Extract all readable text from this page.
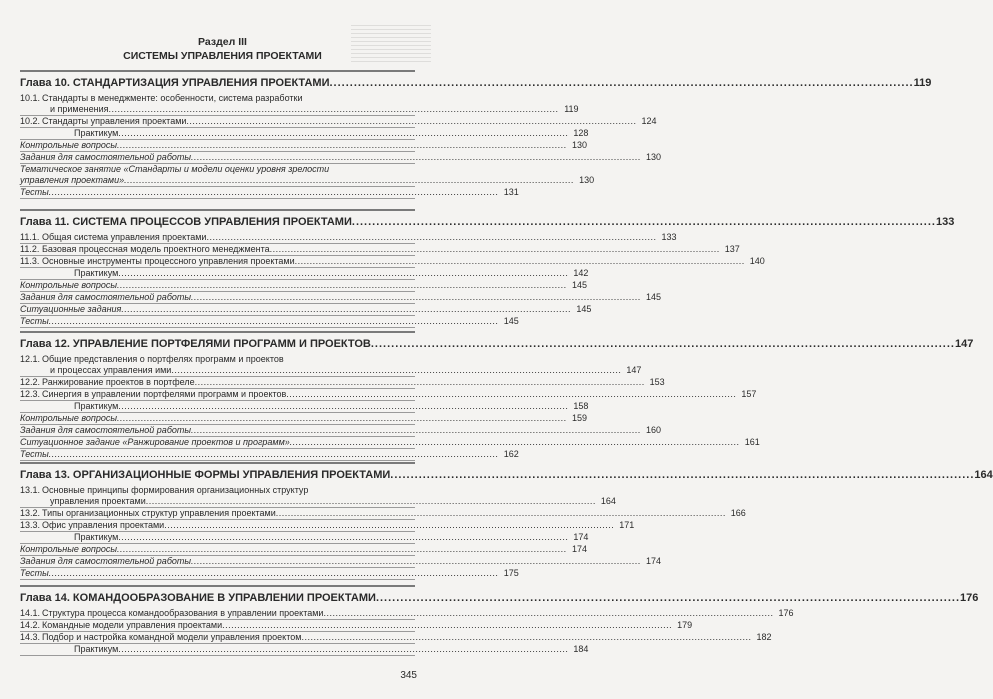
Раздел III
СИСТЕМЫ УПРАВЛЕНИЯ ПРОЕКТАМИ
Глава 10. СТАНДАРТИЗАЦИЯ УПРАВЛЕНИЯ ПРОЕКТАМИ .....	119
10.1. Стандарты в менеджменте: особенности, система разработки
и применения .....	119
10.2. Стандарты управления проектами .....	124
Практикум .....	128
Контрольные вопросы .....	130
Задания для самостоятельной работы .....	130
Тематическое занятие «Стандарты и модели оценки уровня зрелости
управления проектами» .....	130
Тесты .....	131
Глава 11. СИСТЕМА ПРОЦЕССОВ УПРАВЛЕНИЯ ПРОЕКТАМИ .....	133
11.1. Общая система управления проектами .....	133
11.2. Базовая процессная модель проектного менеджмента .....	137
11.3. Основные инструменты процессного управления проектами .....	140
Практикум .....	142
Контрольные вопросы .....	145
Задания для самостоятельной работы .....	145
Ситуационные задания .....	145
Тесты .....	145
Глава 12. УПРАВЛЕНИЕ ПОРТФЕЛЯМИ ПРОГРАММ И ПРОЕКТОВ .....	147
12.1. Общие представления о портфелях программ и проектов
и процессах управления ими .....	147
12.2. Ранжирование проектов в портфеле .....	153
12.3. Синергия в управлении портфелями программ и проектов .....	157
Практикум .....	158
Контрольные вопросы .....	159
Задания для самостоятельной работы .....	160
Ситуационное задание «Ранжирование проектов и программ» .....	161
Тесты .....	162
Глава 13. ОРГАНИЗАЦИОННЫЕ ФОРМЫ УПРАВЛЕНИЯ ПРОЕКТАМИ .....	164
13.1. Основные принципы формирования организационных структур
управления проектами .....	164
13.2. Типы организационных структур управления проектами .....	166
13.3. Офис управления проектами .....	171
Практикум .....	174
Контрольные вопросы .....	174
Задания для самостоятельной работы .....	174
Тесты .....	175
Глава 14. КОМАНДООБРАЗОВАНИЕ В УПРАВЛЕНИИ ПРОЕКТАМИ .....	176
14.1. Структура процесса командообразования в управлении проектами .....	176
14.2. Командные модели управления проектами .....	179
14.3. Подбор и настройка командной модели управления проектом .....	182
Практикум .....	184
345
